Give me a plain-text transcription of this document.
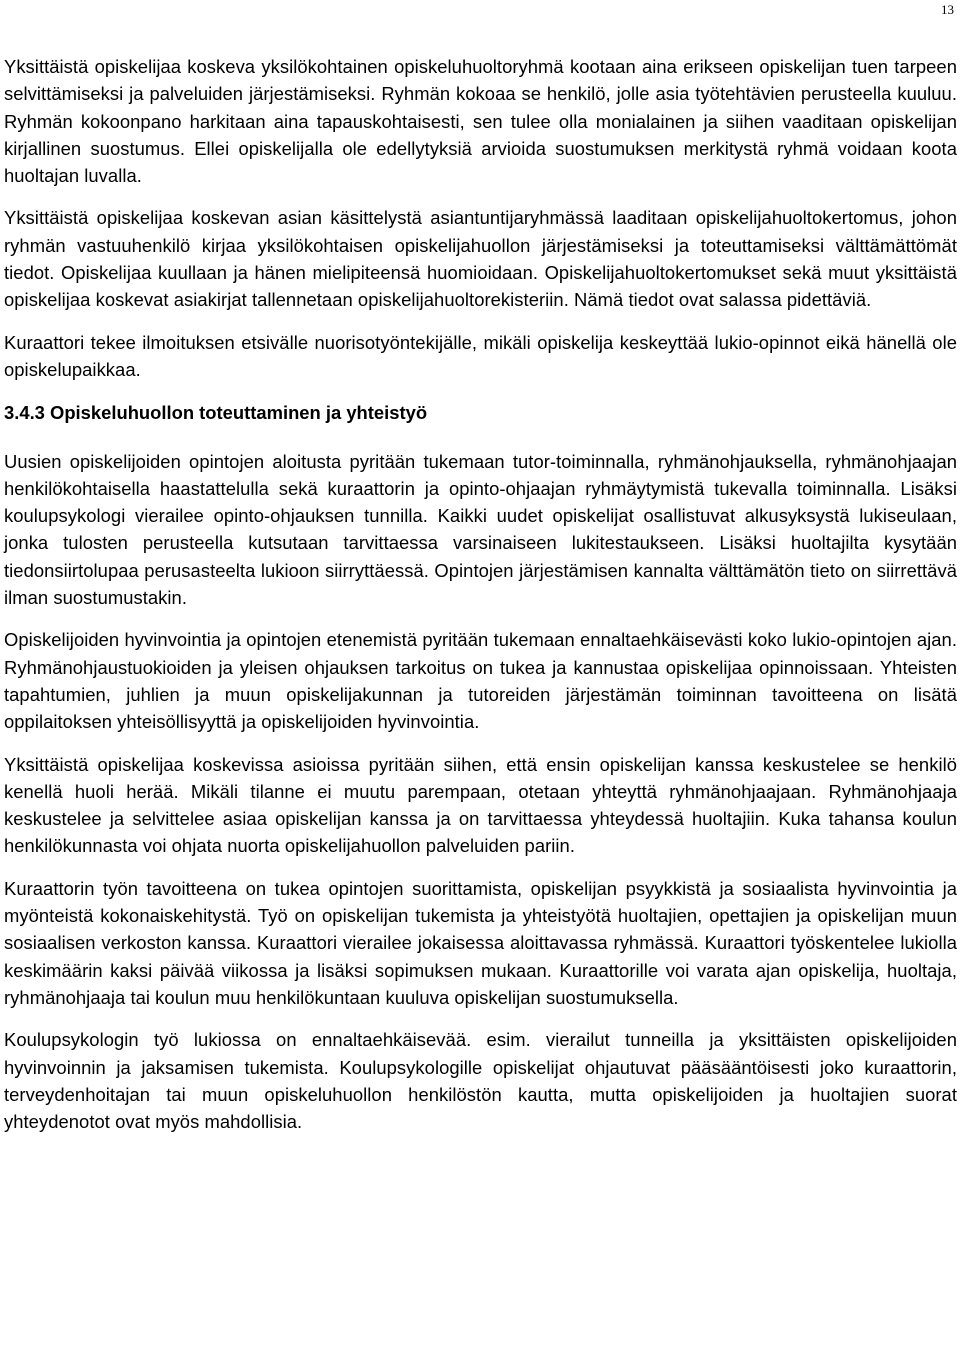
13

Yksittäistä opiskelijaa koskeva yksilökohtainen opiskeluhuoltoryhmä kootaan aina erikseen opiskelijan tuen tarpeen selvittämiseksi ja palveluiden järjestämiseksi. Ryhmän kokoaa se henkilö, jolle asia työtehtävien perusteella kuuluu. Ryhmän kokoonpano harkitaan aina tapauskohtaisesti, sen tulee olla monialainen ja siihen vaaditaan opiskelijan kirjallinen suostumus. Ellei opiskelijalla ole edellytyksiä arvioida suostumuksen merkitystä ryhmä voidaan koota huoltajan luvalla.

Yksittäistä opiskelijaa koskevan asian käsittelystä asiantuntijaryhmässä laaditaan opiskelijahuoltokertomus, johon ryhmän vastuuhenkilö kirjaa yksilökohtaisen opiskelijahuollon järjestämiseksi ja toteuttamiseksi välttämättömät tiedot. Opiskelijaa kuullaan ja hänen mielipiteensä huomioidaan. Opiskelijahuoltokertomukset sekä muut yksittäistä opiskelijaa koskevat asiakirjat tallennetaan opiskelijahuoltorekisteriin. Nämä tiedot ovat salassa pidettäviä.

Kuraattori tekee ilmoituksen etsivälle nuorisotyöntekijälle, mikäli opiskelija keskeyttää lukio-opinnot eikä hänellä ole opiskelupaikkaa.

3.4.3 Opiskeluhuollon toteuttaminen ja yhteistyö

Uusien opiskelijoiden opintojen aloitusta pyritään tukemaan tutor-toiminnalla, ryhmänohjauksella, ryhmänohjaajan henkilökohtaisella haastattelulla sekä kuraattorin ja opinto-ohjaajan ryhmäytymistä tukevalla toiminnalla. Lisäksi koulupsykologi vierailee opinto-ohjauksen tunnilla. Kaikki uudet opiskelijat osallistuvat alkusyksystä lukiseulaan, jonka tulosten perusteella kutsutaan tarvittaessa varsinaiseen lukitestaukseen. Lisäksi huoltajilta kysytään tiedonsiirtolupaa perusasteelta lukioon siirryttäessä. Opintojen järjestämisen kannalta välttämätön tieto on siirrettävä ilman suostumustakin.

Opiskelijoiden hyvinvointia ja opintojen etenemistä pyritään tukemaan ennaltaehkäisevästi koko lukio-opintojen ajan. Ryhmänohjaustuokioiden ja yleisen ohjauksen tarkoitus on tukea ja kannustaa opiskelijaa opinnoissaan. Yhteisten tapahtumien, juhlien ja muun opiskelijakunnan ja tutoreiden järjestämän toiminnan tavoitteena on lisätä oppilaitoksen yhteisöllisyyttä ja opiskelijoiden hyvinvointia.

Yksittäistä opiskelijaa koskevissa asioissa pyritään siihen, että ensin opiskelijan kanssa keskustelee se henkilö kenellä huoli herää. Mikäli tilanne ei muutu parempaan, otetaan yhteyttä ryhmänohjaajaan. Ryhmänohjaaja keskustelee ja selvittelee asiaa opiskelijan kanssa ja on tarvittaessa yhteydessä huoltajiin. Kuka tahansa koulun henkilökunnasta voi ohjata nuorta opiskelijahuollon palveluiden pariin.

Kuraattorin työn tavoitteena on tukea opintojen suorittamista, opiskelijan psyykkistä ja sosiaalista hyvinvointia ja myönteistä kokonaiskehitystä. Työ on opiskelijan tukemista ja yhteistyötä huoltajien, opettajien ja opiskelijan muun sosiaalisen verkoston kanssa. Kuraattori vierailee jokaisessa aloittavassa ryhmässä. Kuraattori työskentelee lukiolla keskimäärin kaksi päivää viikossa ja lisäksi sopimuksen mukaan. Kuraattorille voi varata ajan opiskelija, huoltaja, ryhmänohjaaja tai koulun muu henkilökuntaan kuuluva opiskelijan suostumuksella.

Koulupsykologin työ lukiossa on ennaltaehkäisevää. esim. vierailut tunneilla ja yksittäisten opiskelijoiden hyvinvoinnin ja jaksamisen tukemista. Koulupsykologille opiskelijat ohjautuvat pääsääntöisesti joko kuraattorin, terveydenhoitajan tai muun opiskeluhuollon henkilöstön kautta, mutta opiskelijoiden ja huoltajien suorat yhteydenotot ovat myös mahdollisia.
